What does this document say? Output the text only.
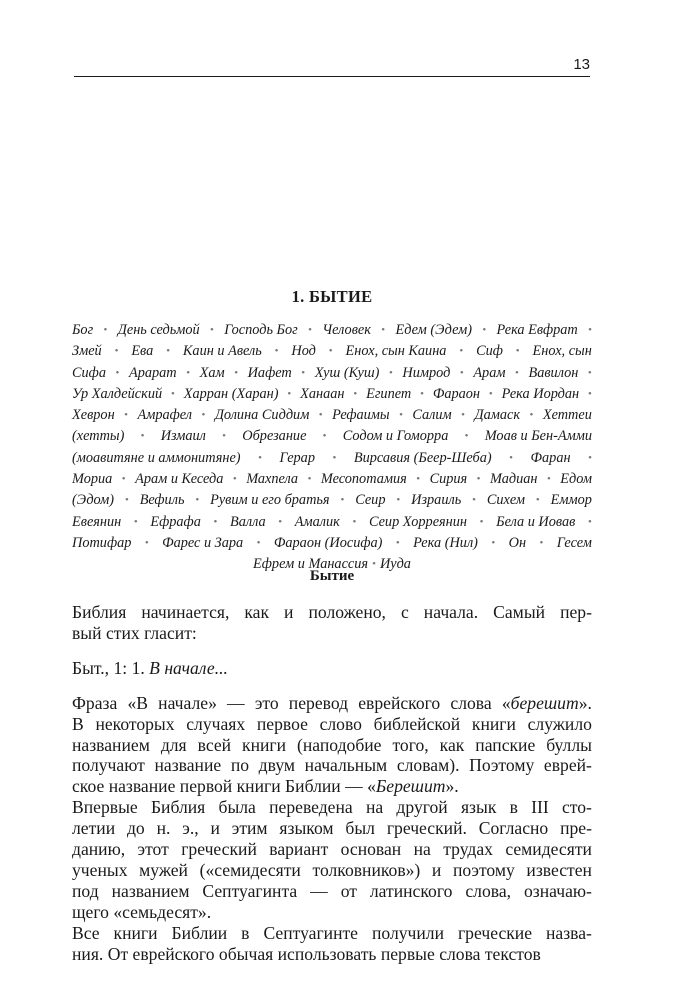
13
1. БЫТИЕ
Бог • День седьмой • Господь Бог • Человек • Едем (Эдем) • Река Евфрат •
Змей • Ева • Каин и Авель • Нод • Енох, сын Каина • Сиф • Енох, сын
Сифа • Арарат • Хам • Иафет • Хуш (Куш) • Нимрод • Арам • Вавилон •
Ур Халдейский • Харран (Харан) • Ханаан • Египет • Фараон • Река Иордан •
Хеврон • Амрафел • Долина Сиддим • Рефаимы • Салим • Дамаск • Хеттеи
(хетты) • Измаил • Обрезание • Содом и Гоморра • Моав и Бен-Амми
(моавитяне и аммонитяне) • Герар • Вирсавия (Беер-Шеба) • Фаран •
Мориа • Арам и Кеседа • Махпела • Месопотамия • Сирия • Мадиан • Едом
(Эдом) • Вефиль • Рувим и его братья • Сеир • Израиль • Сихем • Еммор
Евеянин • Ефрафа • Валла • Амалик • Сеир Хорреянин • Бела и Иовав •
Потифар • Фарес и Зара • Фараон (Иосифа) • Река (Нил) • Он • Гесем
Ефрем и Манассия • Иуда
Бытие
Библия начинается, как и положено, с начала. Самый пер-
вый стих гласит:
Быт., 1: 1. В начале...
Фраза «В начале» — это перевод еврейского слова «берешит».
В некоторых случаях первое слово библейской книги служило
названием для всей книги (наподобие того, как папские буллы
получают название по двум начальным словам). Поэтому еврей-
ское название первой книги Библии — «Берешит».
Впервые Библия была переведена на другой язык в III сто-
летии до н. э., и этим языком был греческий. Согласно пре-
данию, этот греческий вариант основан на трудах семидесяти
ученых мужей («семидесяти толковников») и поэтому известен
под названием Септуагинта — от латинского слова, означаю-
щего «семьдесят».
Все книги Библии в Септуагинте получили греческие назва-
ния. От еврейского обычая использовать первые слова текстов
